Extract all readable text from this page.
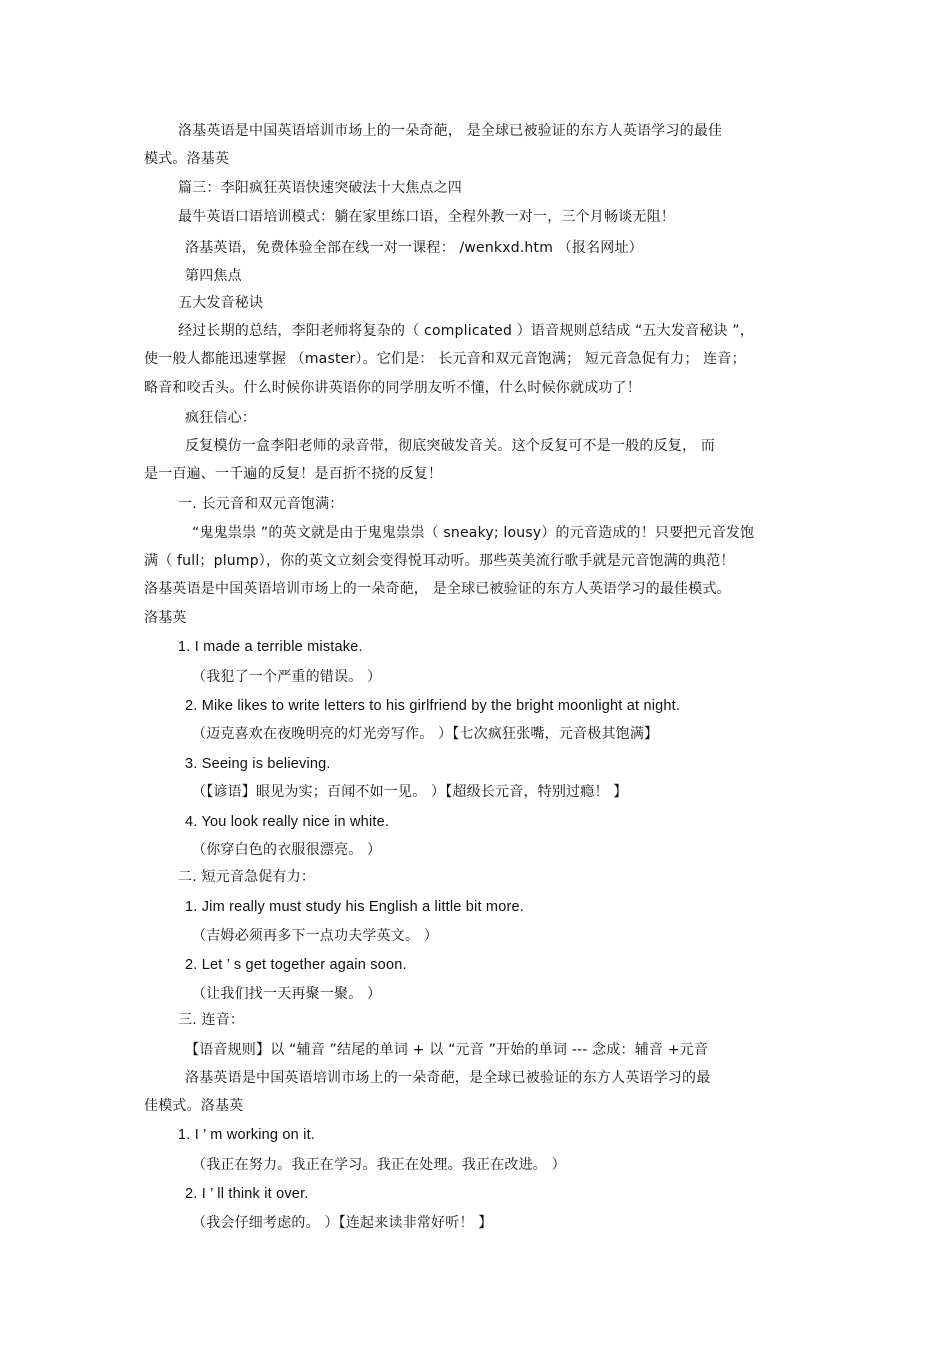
洛基英语是中国英语培训市场上的一朵奇葩， 是全球已被验证的东方人英语学习的最佳

模式。洛基英

篇三：李阳疯狂英语快速突破法十大焦点之四

最牛英语口语培训模式：躺在家里练口语，全程外教一对一，三个月畅谈无阻！

洛基英语，免费体验全部在线一对一课程： /wenkxd.htm （报名网址）

第四焦点

五大发音秘诀

经过长期的总结，李阳老师将复杂的（ complicated ）语音规则总结成 “五大发音秘诀 ”，

使一般人都能迅速掌握 （master）。它们是： 长元音和双元音饱满； 短元音急促有力； 连音；

略音和咬舌头。什么时候你讲英语你的同学朋友听不懂，什么时候你就成功了！

疯狂信心：

反复模仿一盒李阳老师的录音带，彻底突破发音关。这个反复可不是一般的反复， 而

是一百遍、一千遍的反复！是百折不挠的反复！

一. 长元音和双元音饱满：

“鬼鬼祟祟 ”的英文就是由于鬼鬼祟祟（ sneaky; lousy）的元音造成的！只要把元音发饱

满（ full；plump），你的英文立刻会变得悦耳动听。那些英美流行歌手就是元音饱满的典范！

洛基英语是中国英语培训市场上的一朵奇葩， 是全球已被验证的东方人英语学习的最佳模式。

洛基英

1. I made a terrible mistake.

（我犯了一个严重的错误。 ）

2. Mike likes to write letters to his girlfriend by the bright moonlight at night.

（迈克喜欢在夜晚明亮的灯光旁写作。 ）【七次疯狂张嘴，元音极其饱满】

3. Seeing is believing.

（【谚语】眼见为实；百闻不如一见。 ）【超级长元音，特别过瘾！ 】

4. You look really nice in white.

（你穿白色的衣服很漂亮。 ）

二. 短元音急促有力：

1. Jim really must study his English a little bit more.

（吉姆必须再多下一点功夫学英文。 ）

2. Let ’ s get together again soon.

（让我们找一天再聚一聚。 ）

三. 连音：

【语音规则】以 “辅音 ”结尾的单词 + 以 “元音 ”开始的单词 --- 念成：辅音 +元音

洛基英语是中国英语培训市场上的一朵奇葩，是全球已被验证的东方人英语学习的最

佳模式。洛基英

1. I ’ m working on it.

（我正在努力。我正在学习。我正在处理。我正在改进。 ）

2. I ’ ll think it over.

（我会仔细考虑的。 ）【连起来读非常好听！ 】
